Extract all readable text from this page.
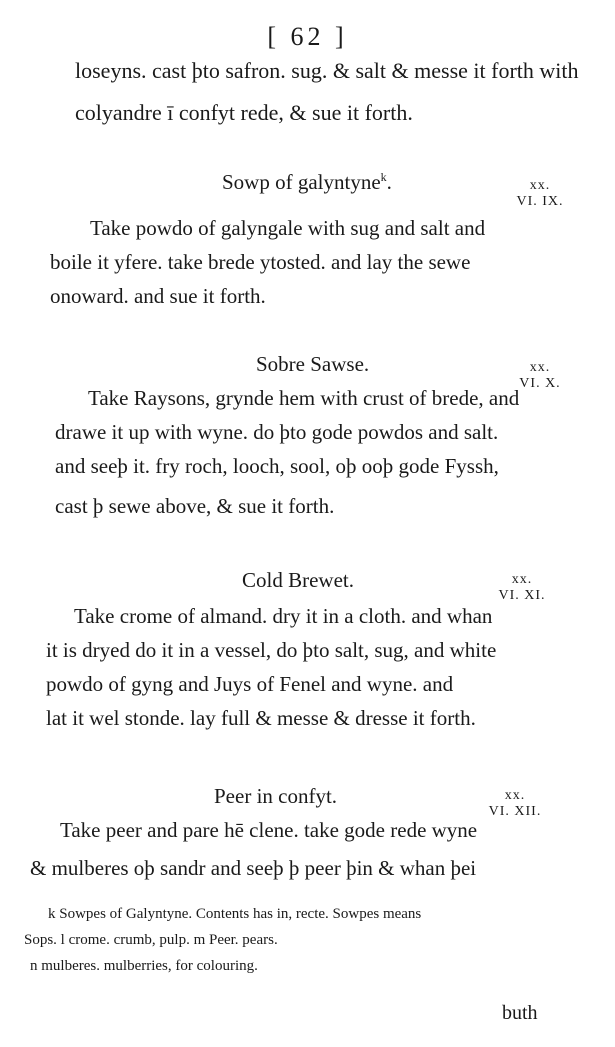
[ 62 ]
loseyns. cast þto safron. sug. & salt & messe it forth with
colyandre ī confyt rede, & sue it forth.
Sowp of galyntyne$^k$.	xx.
VI. IX.
Take powdo of galyngale with sug and salt and
boile it yfere. take brede ytosted. and lay the sewe
onoward. and sue it forth.
Sobre Sawse.	xx.
VI. X.
Take Raysons, grynde hem with crust of brede, and
drawe it up with wyne. do þto gode powdos and salt.
and seeþ it. fry roch, looch, sool, oþ ooþ gode Fyssh,
cast þ sewe above, & sue it forth.
Cold Brewet.	xx.
VI. XI.
Take crome of almand. dry it in a cloth. and whan
it is dryed do it in a vessel, do þto salt, sug, and white
powdo of gyng and Juys of Fenel and wyne. and
lat it wel stonde. lay full & messe & dresse it forth.
Peer in confyt.	xx.
VI. XII.
Take peer and pare hē clene. take gode rede wyne
& mulberes oþ sandr and seeþ þ peer þin & whan þei
k Sowpes of Galyntyne. Contents has in, recte. Sowpes means
Sops. l crome. crumb, pulp. m Peer. pears.
n mulberes. mulberries, for colouring.
buth
